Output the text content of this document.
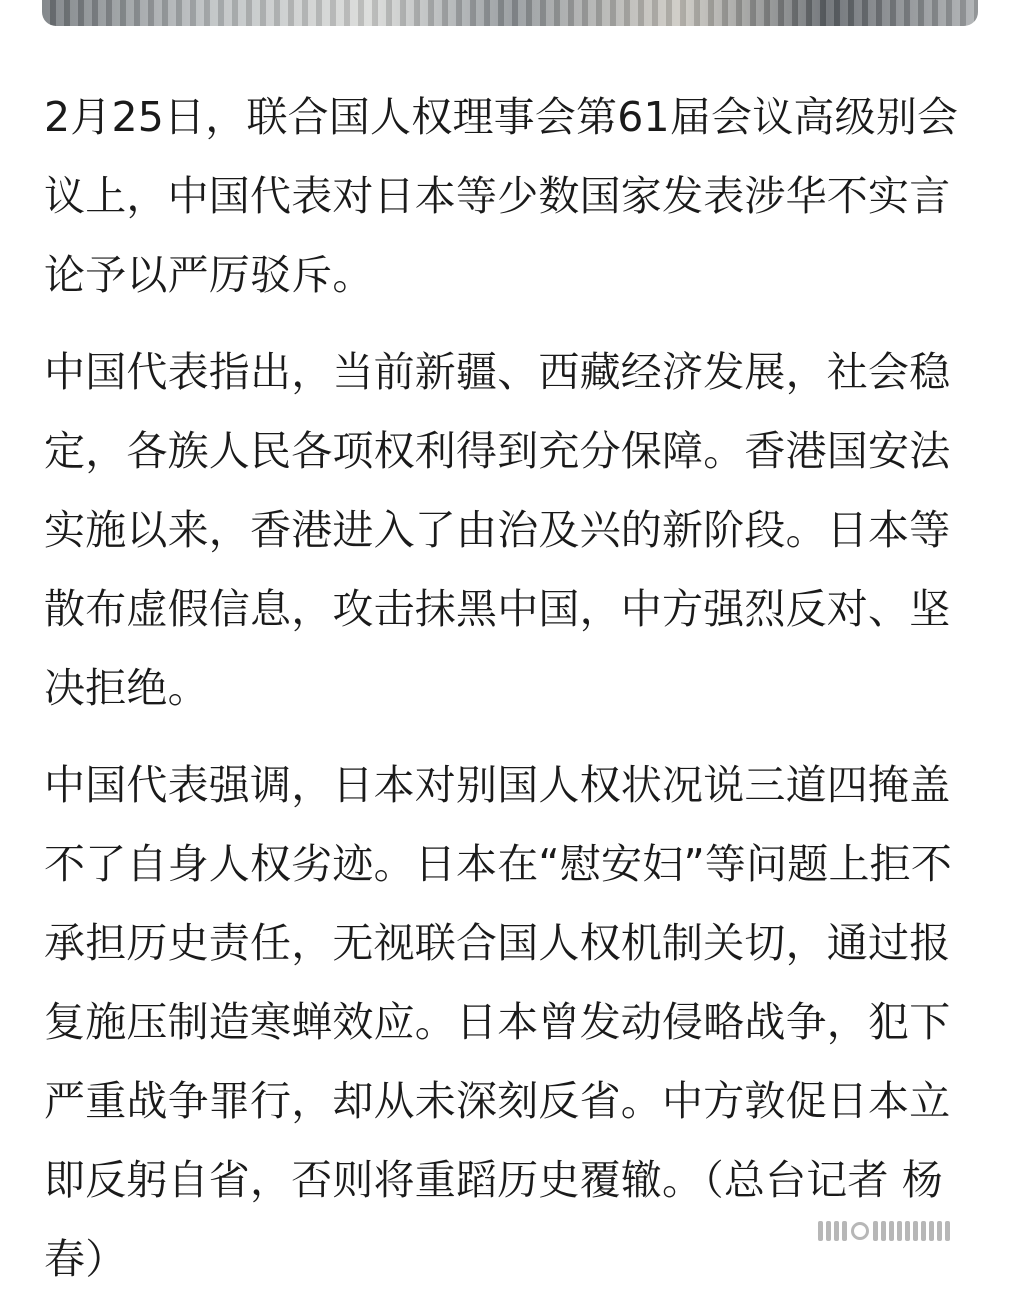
2月25日，联合国人权理事会第61届会议高级别会议上，中国代表对日本等少数国家发表涉华不实言论予以严厉驳斥。

中国代表指出，当前新疆、西藏经济发展，社会稳定，各族人民各项权利得到充分保障。香港国安法实施以来，香港进入了由治及兴的新阶段。日本等散布虚假信息，攻击抹黑中国，中方强烈反对、坚决拒绝。

中国代表强调，日本对别国人权状况说三道四掩盖不了自身人权劣迹。日本在“慰安妇”等问题上拒不承担历史责任，无视联合国人权机制关切，通过报复施压制造寒蝉效应。日本曾发动侵略战争，犯下严重战争罪行，却从未深刻反省。中方敦促日本立即反躬自省，否则将重蹈历史覆辙。（总台记者 杨春）
